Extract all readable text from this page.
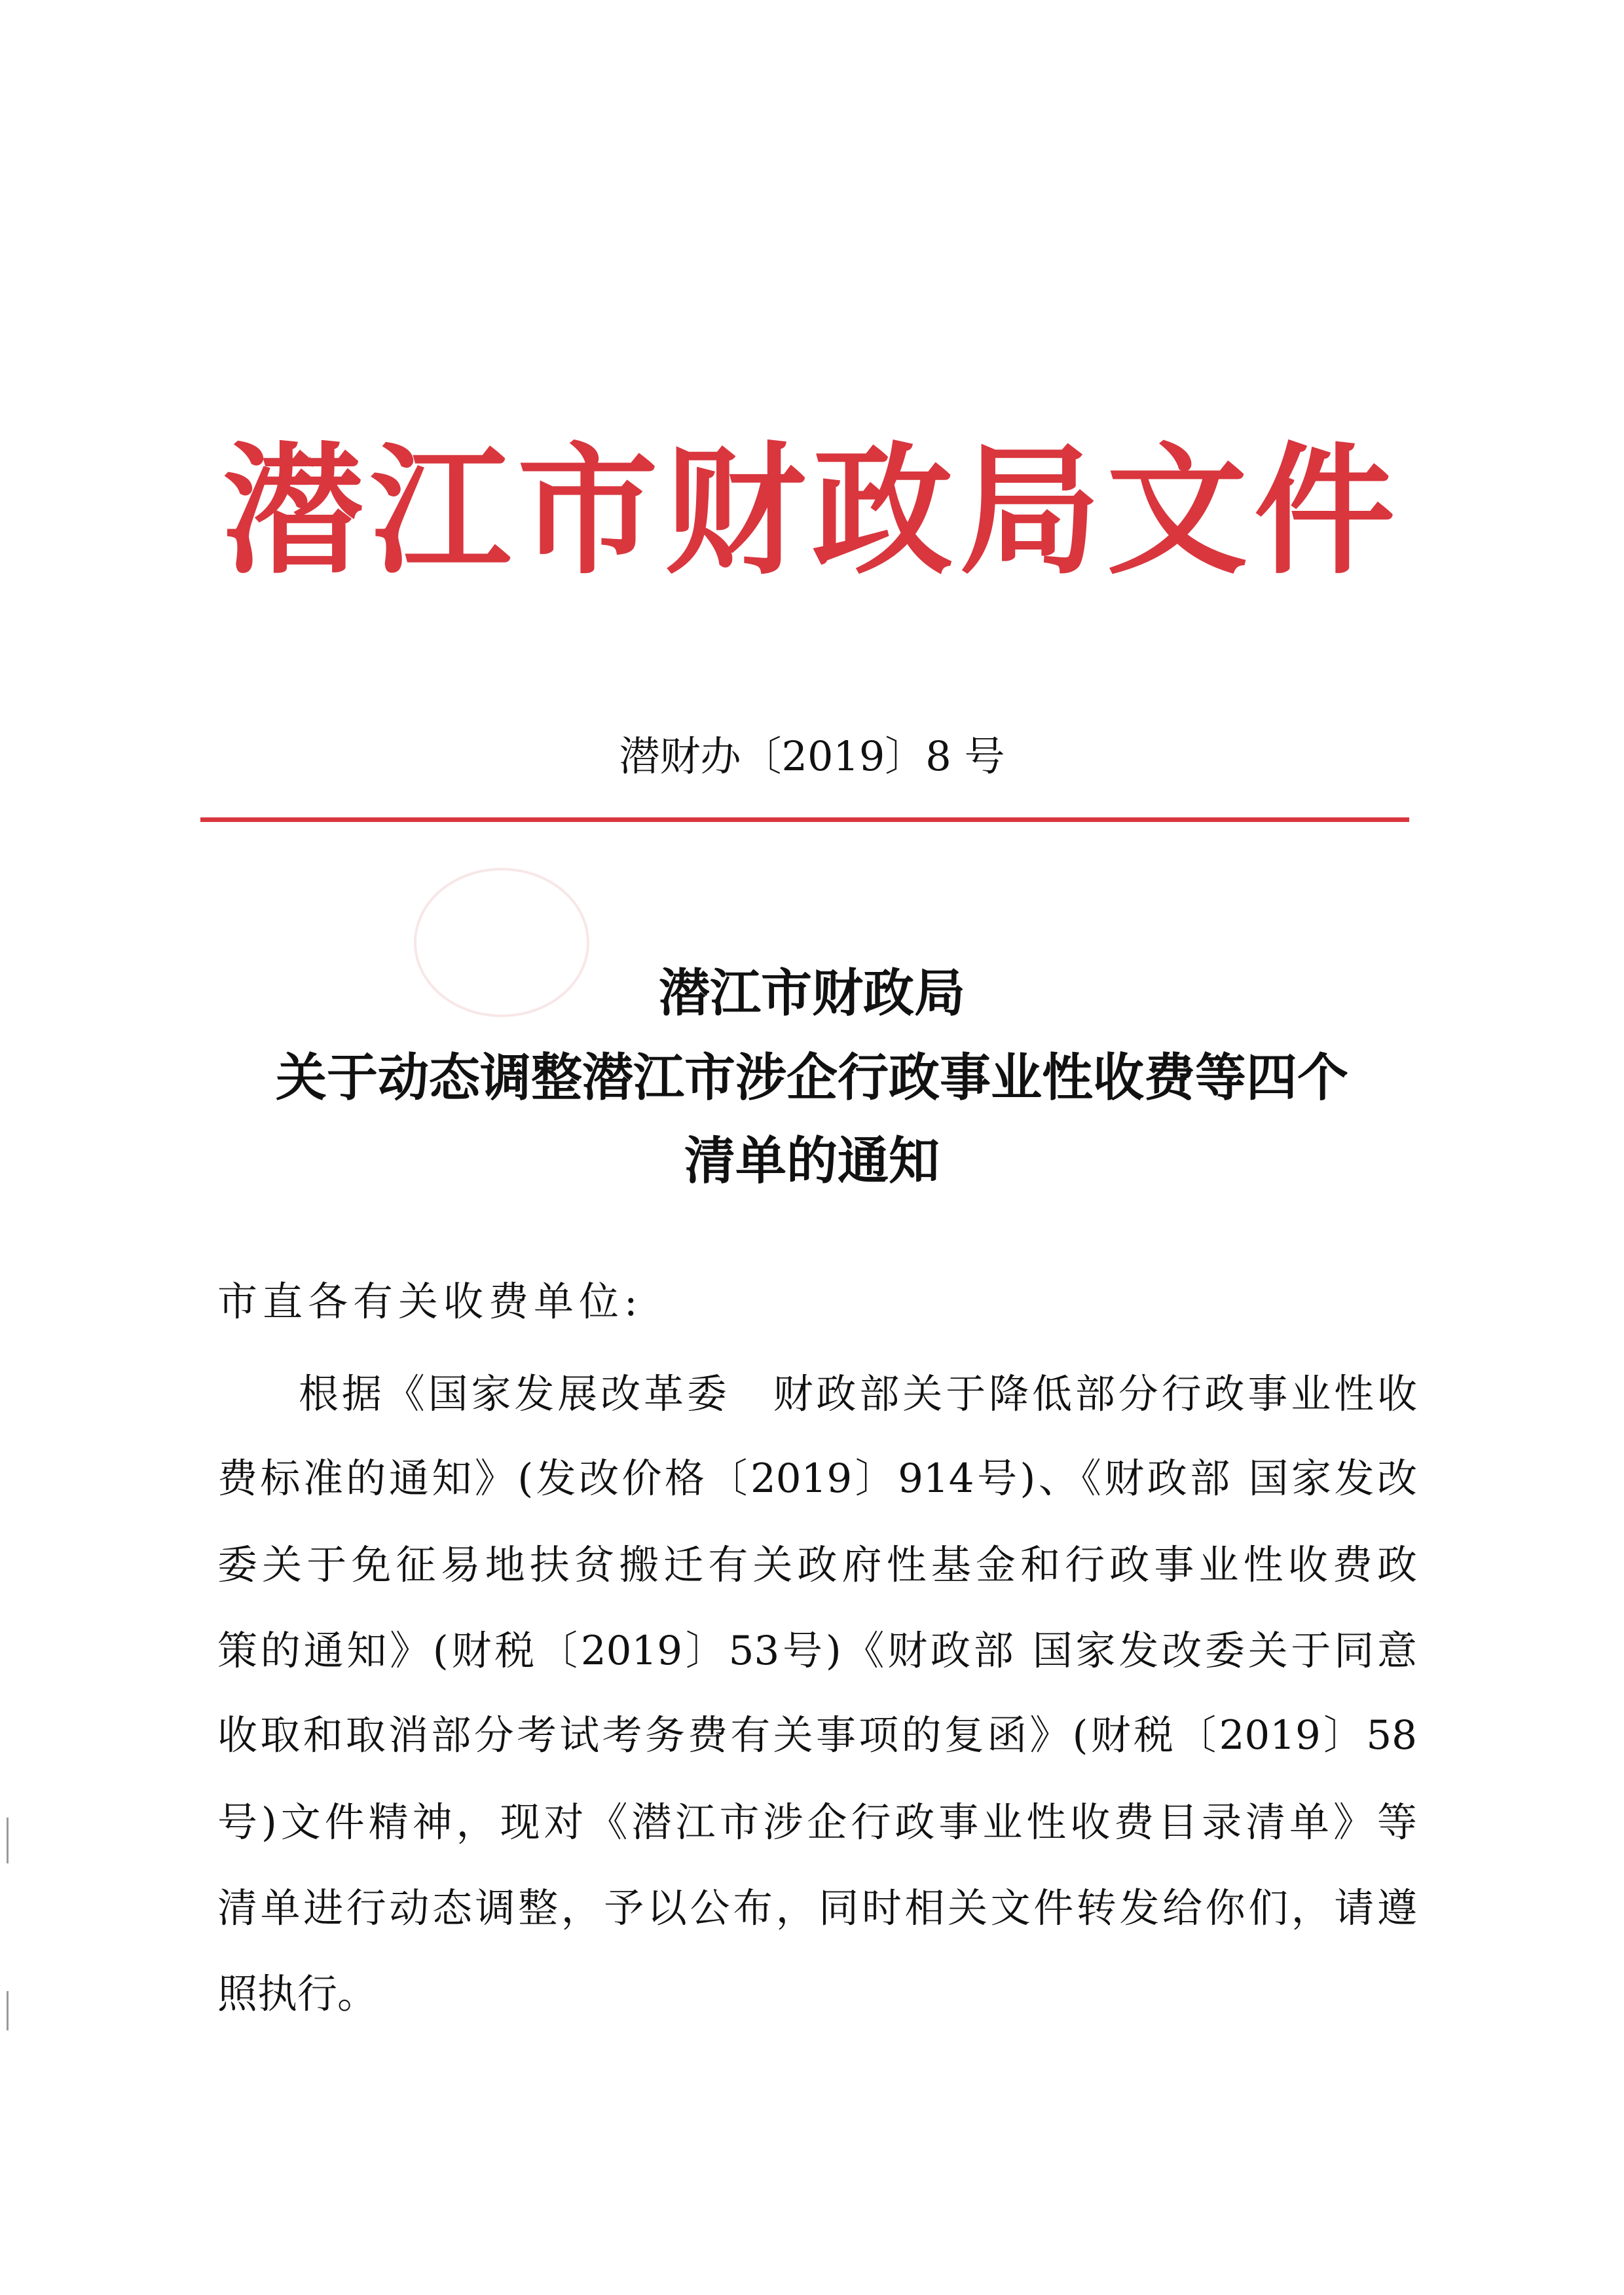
潜江市财政局文件
潜财办〔2019〕8 号
潜江市财政局
关于动态调整潜江市涉企行政事业性收费等四个
清单的通知
市直各有关收费单位:
根据《国家发展改革委　财政部关于降低部分行政事业性收
费标准的通知》(发改价格〔2019〕914号)、《财政部 国家发改
委关于免征易地扶贫搬迁有关政府性基金和行政事业性收费政
策的通知》(财税〔2019〕53号)《财政部 国家发改委关于同意
收取和取消部分考试考务费有关事项的复函》(财税〔2019〕58
号)文件精神，现对《潜江市涉企行政事业性收费目录清单》等
清单进行动态调整，予以公布，同时相关文件转发给你们，请遵
照执行。
